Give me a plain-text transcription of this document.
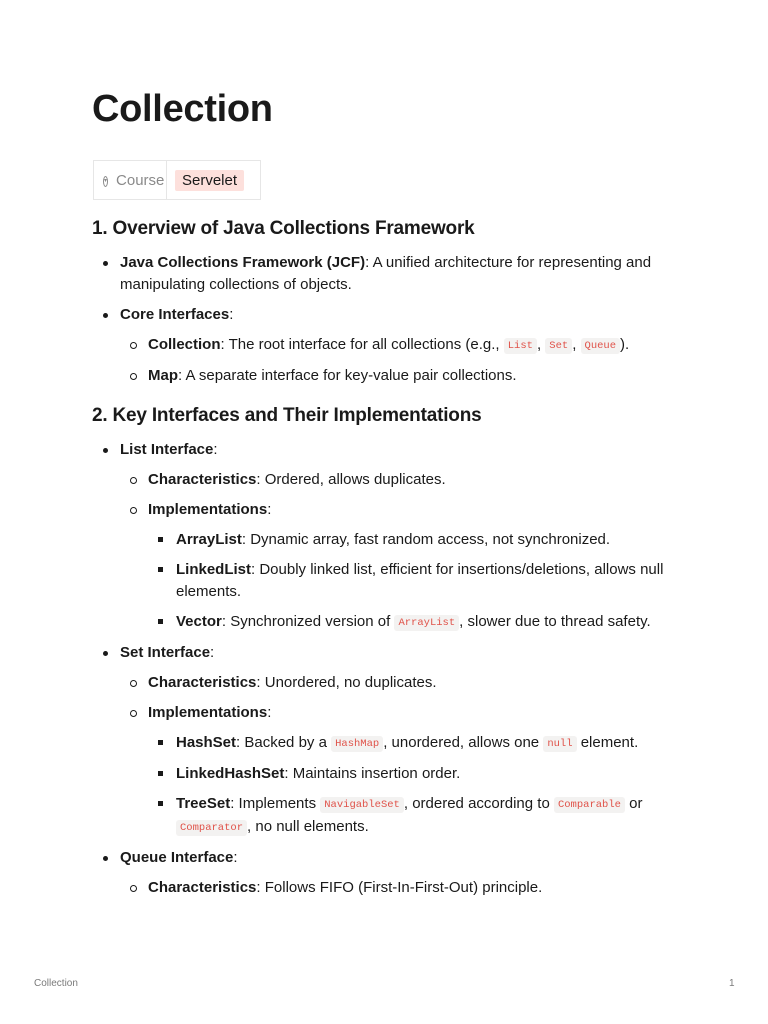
Collection
▾ Course	Servelet
1. Overview of Java Collections Framework
Java Collections Framework (JCF): A unified architecture for representing and manipulating collections of objects.
Core Interfaces:
Collection: The root interface for all collections (e.g., List , Set , Queue ).
Map: A separate interface for key-value pair collections.
2. Key Interfaces and Their Implementations
List Interface:
Characteristics: Ordered, allows duplicates.
Implementations:
ArrayList: Dynamic array, fast random access, not synchronized.
LinkedList: Doubly linked list, efficient for insertions/deletions, allows null elements.
Vector: Synchronized version of ArrayList , slower due to thread safety.
Set Interface:
Characteristics: Unordered, no duplicates.
Implementations:
HashSet: Backed by a HashMap , unordered, allows one null element.
LinkedHashSet: Maintains insertion order.
TreeSet: Implements NavigableSet , ordered according to Comparable or Comparator , no null elements.
Queue Interface:
Characteristics: Follows FIFO (First-In-First-Out) principle.
Collection	1
